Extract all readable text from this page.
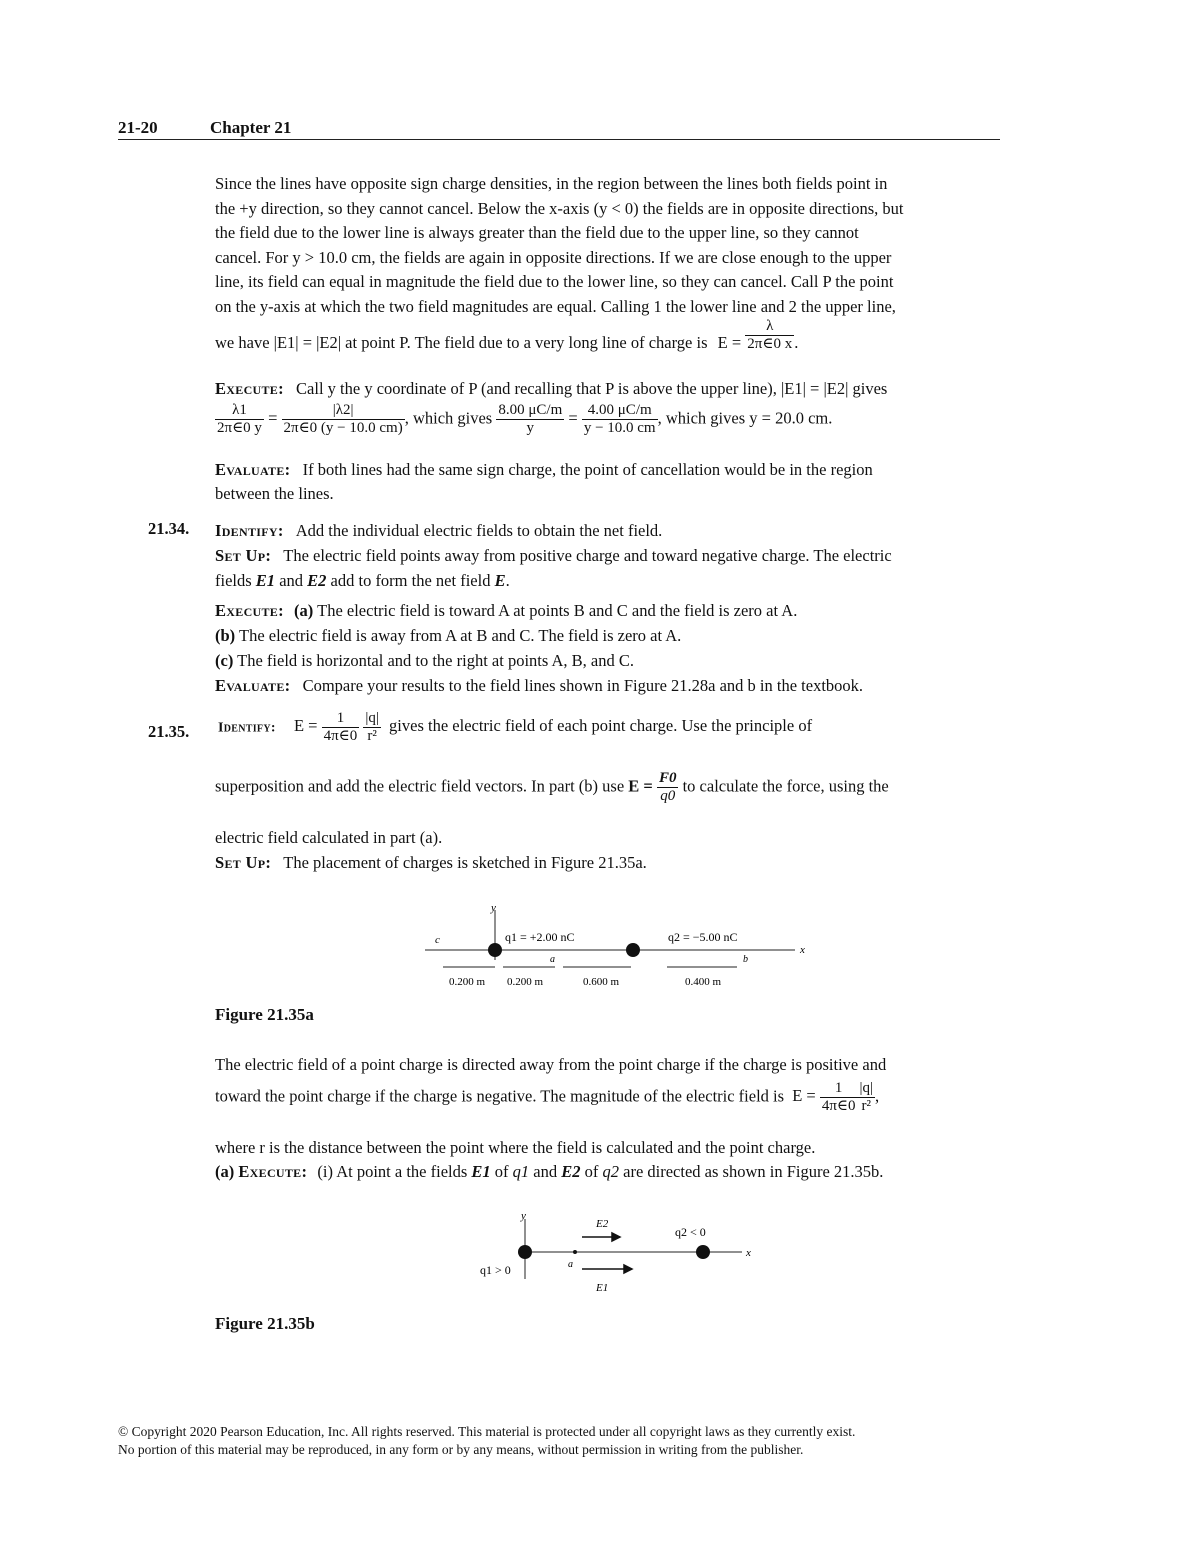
21-20	Chapter 21
Since the lines have opposite sign charge densities, in the region between the lines both fields point in
the +y direction, so they cannot cancel. Below the x-axis (y < 0) the fields are in opposite directions, but
the field due to the lower line is always greater than the field due to the upper line, so they cannot
cancel. For y > 10.0 cm, the fields are again in opposite directions. If we are close enough to the upper
line, its field can equal in magnitude the field due to the lower line, so they can cancel. Call P the point
on the y-axis at which the two field magnitudes are equal. Calling 1 the lower line and 2 the upper line,
we have |E1| = |E2| at point P. The field due to a very long line of charge is $E = \frac{\lambda}{2\pi\in 0 x}$ .
Execute: Call y the y coordinate of P (and recalling that P is above the upper line), |E1| = |E2| gives
$\frac{\lambda 1}{2\pi\in 0 y} = \frac{|\lambda 2|}{2\pi\in 0 (y - 10.0 cm)}$ , which gives $\frac{8.00 \mu C/m}{y} = \frac{4.00 \mu C/m}{y - 10.0 cm}$ , which gives y = 20.0 cm.
Evaluate: If both lines had the same sign charge, the point of cancellation would be in the region
between the lines.
21.34. Identify: Add the individual electric fields to obtain the net field.
Set Up: The electric field points away from positive charge and toward negative charge. The electric
fields E1 and E2 add to form the net field E.
Execute: (a) The electric field is toward A at points B and C and the field is zero at A.
(b) The electric field is away from A at B and C. The field is zero at A.
(c) The field is horizontal and to the right at points A, B, and C.
Evaluate: Compare your results to the field lines shown in Figure 21.28a and b in the textbook.
21.35. Identify: $E = \frac{1}{4\pi\in 0}$
$\frac{|q|}{\text{r²}}$ gives the electric field of each point charge. Use the principle of
superposition and add the electric field vectors. In part (b) use $E = \frac{F0}{q0}$ to calculate the force, using the
electric field calculated in part (a).
Set Up: The placement of charges is sketched in Figure 21.35a.
y
x
c	q1 = +2.00 nC	q2 = −5.00 nC
a	b
0.200 m 0.200 m	0.600 m	0.400 m
Figure 21.35a
The electric field of a point charge is directed away from the point charge if the charge is positive and
toward the point charge if the charge is negative. The magnitude of the electric field is $E = \frac{1}{4\pi\in 0} \frac{|q|}{\text{r²}}$ ,
where r is the distance between the point where the field is calculated and the point charge.
(a) Execute: (i) At point a the fields E1 of q1 and E2 of q2 are directed as shown in Figure 21.35b.
y
x
q1 > 0
q2 < 0
a
E2
E1
Figure 21.35b
© Copyright 2020 Pearson Education, Inc. All rights reserved. This material is protected under all copyright laws as they currently exist.
No portion of this material may be reproduced, in any form or by any means, without permission in writing from the publisher.
